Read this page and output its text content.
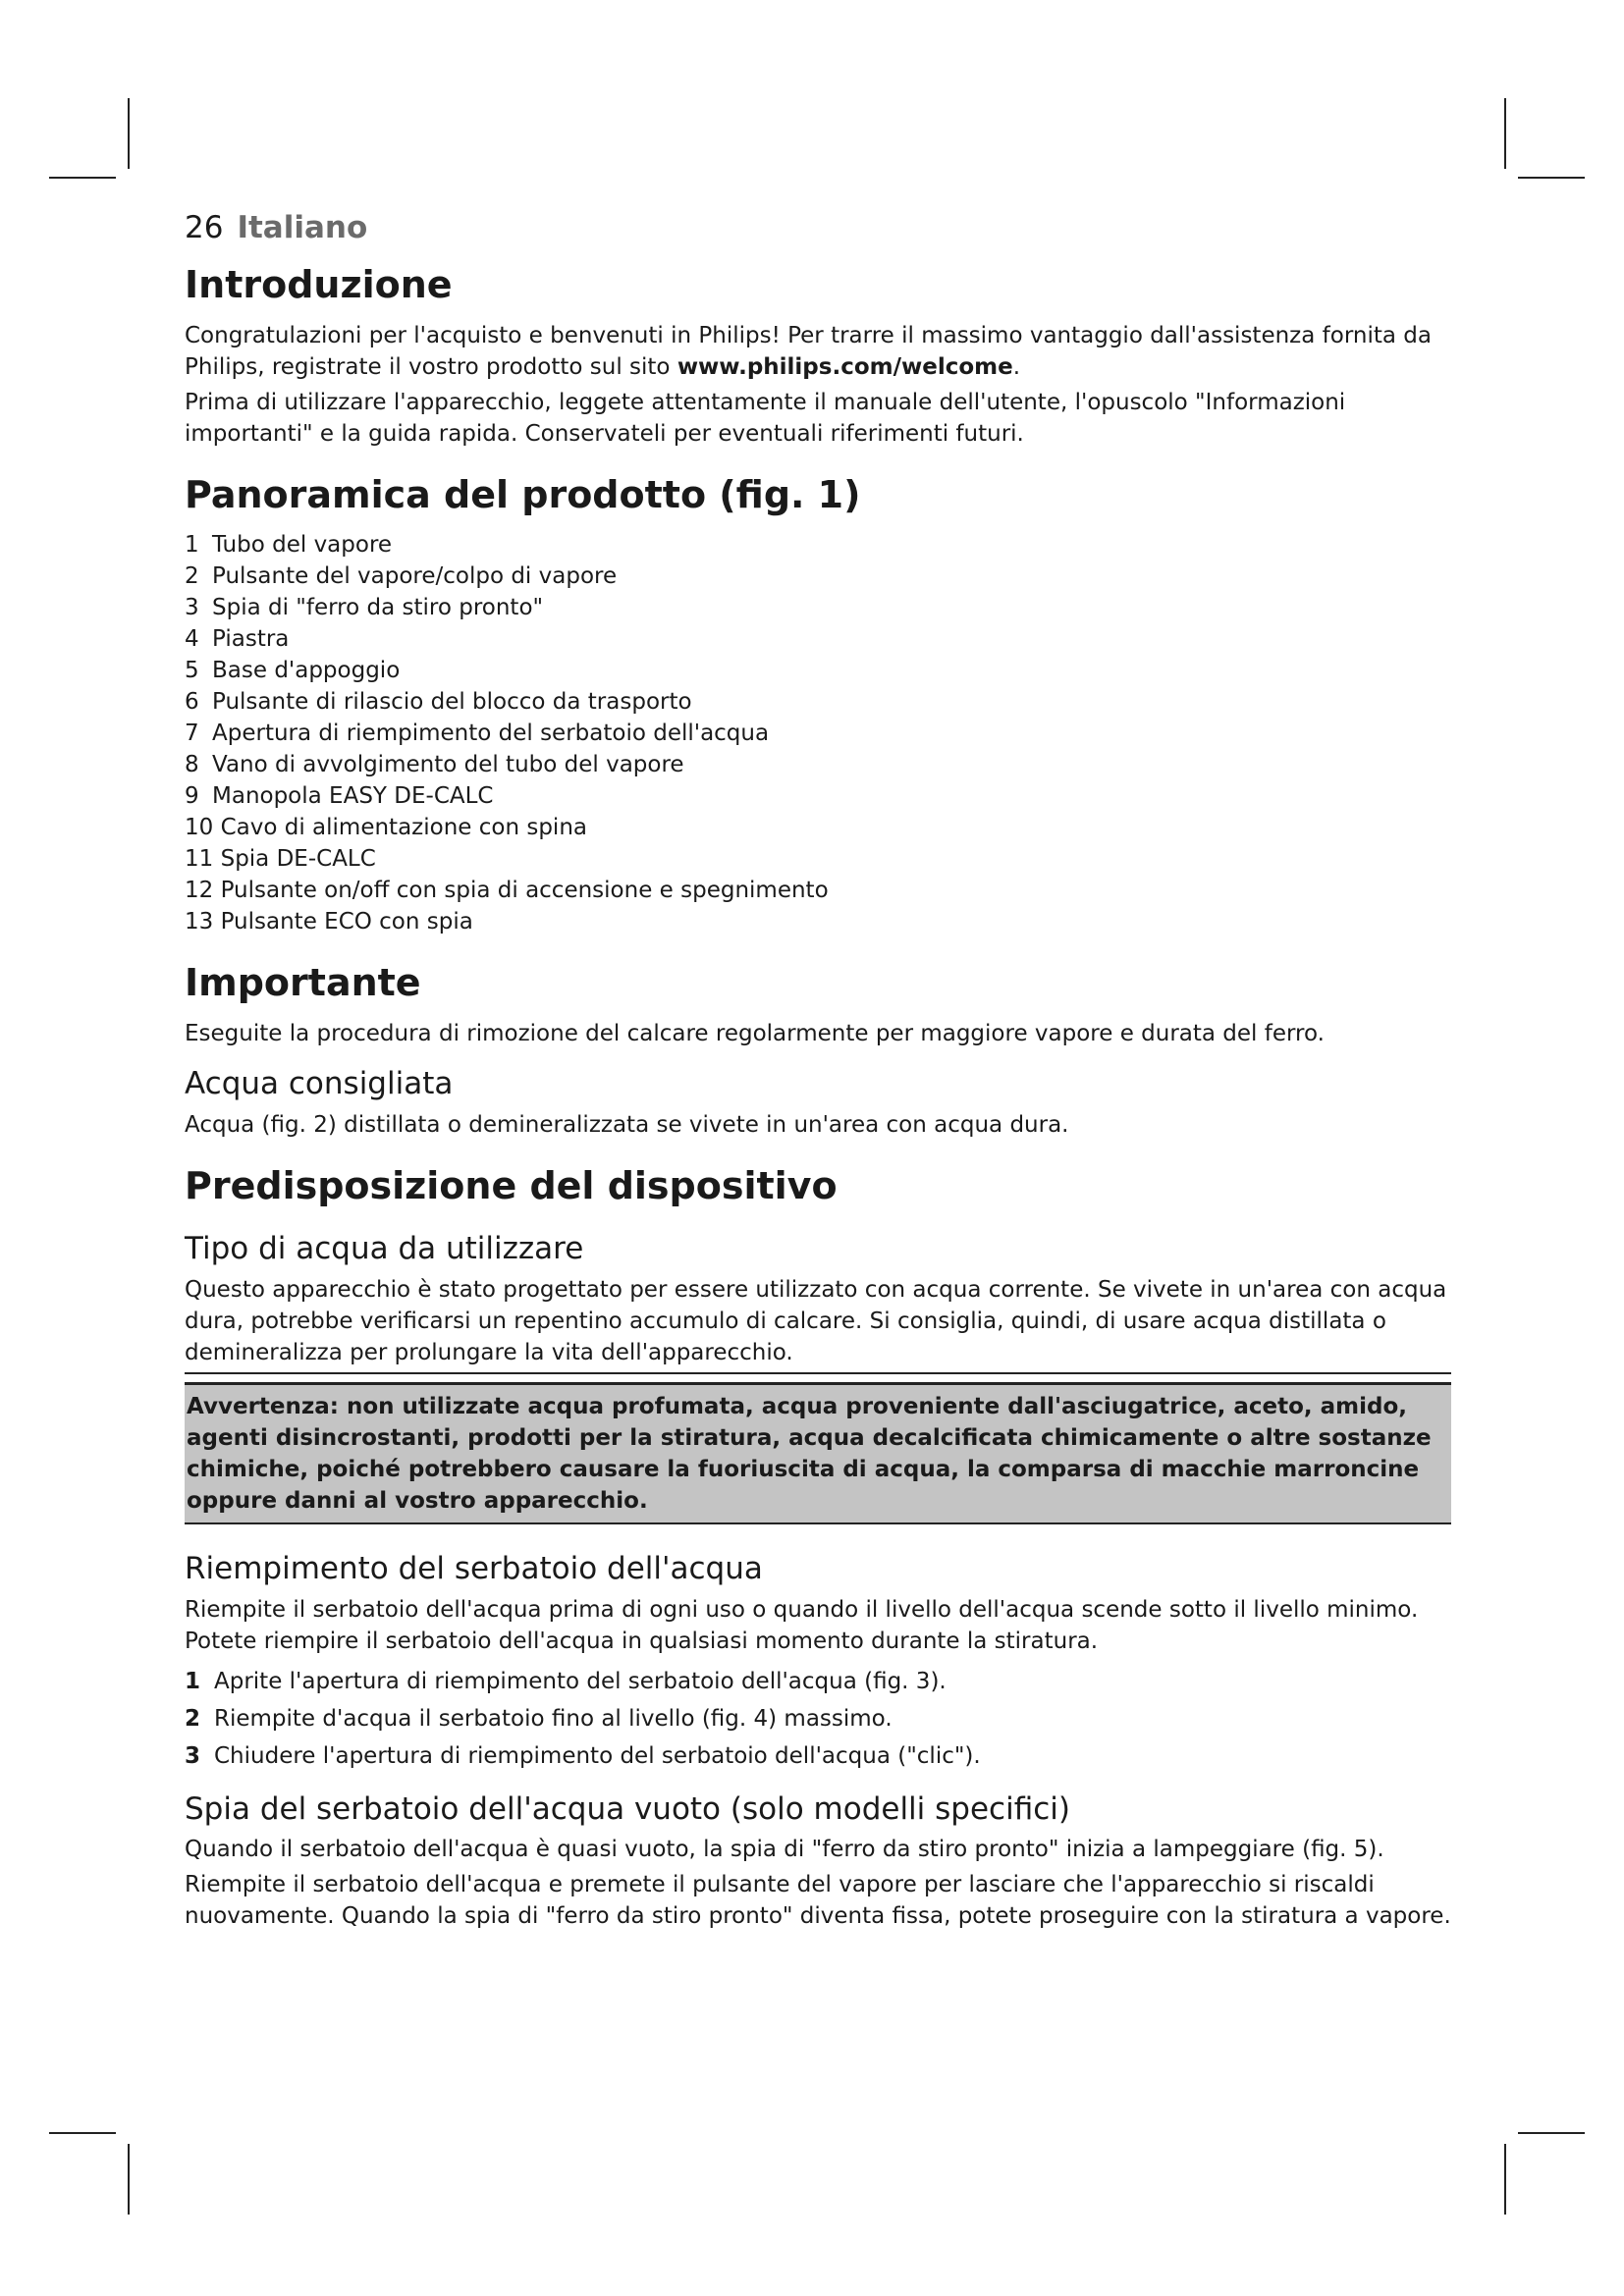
26 Italiano
Introduzione

Congratulazioni per l'acquisto e benvenuti in Philips! Per trarre il massimo vantaggio dall'assistenza fornita da Philips, registrate il vostro prodotto sul sito www.philips.com/welcome.

Prima di utilizzare l'apparecchio, leggete attentamente il manuale dell'utente, l'opuscolo "Informazioni importanti" e la guida rapida. Conservateli per eventuali riferimenti futuri.

Panoramica del prodotto (fig. 1)
1 Tubo del vapore
2 Pulsante del vapore/colpo di vapore
3 Spia di "ferro da stiro pronto"
4 Piastra
5 Base d'appoggio
6 Pulsante di rilascio del blocco da trasporto
7 Apertura di riempimento del serbatoio dell'acqua
8 Vano di avvolgimento del tubo del vapore
9 Manopola EASY DE-CALC
10 Cavo di alimentazione con spina
11 Spia DE-CALC
12 Pulsante on/off con spia di accensione e spegnimento
13 Pulsante ECO con spia
Importante

Eseguite la procedura di rimozione del calcare regolarmente per maggiore vapore e durata del ferro.

Acqua consigliata

Acqua (fig. 2) distillata o demineralizzata se vivete in un'area con acqua dura.

Predisposizione del dispositivo
Tipo di acqua da utilizzare

Questo apparecchio è stato progettato per essere utilizzato con acqua corrente. Se vivete in un'area con acqua dura, potrebbe verificarsi un repentino accumulo di calcare. Si consiglia, quindi, di usare acqua distillata o demineralizza per prolungare la vita dell'apparecchio.

Avvertenza: non utilizzate acqua profumata, acqua proveniente dall'asciugatrice, aceto, amido, agenti disincrostanti, prodotti per la stiratura, acqua decalcificata chimicamente o altre sostanze chimiche, poiché potrebbero causare la fuoriuscita di acqua, la comparsa di macchie marroncine oppure danni al vostro apparecchio.
Riempimento del serbatoio dell'acqua

Riempite il serbatoio dell'acqua prima di ogni uso o quando il livello dell'acqua scende sotto il livello minimo. Potete riempire il serbatoio dell'acqua in qualsiasi momento durante la stiratura.

1 Aprite l'apertura di riempimento del serbatoio dell'acqua (fig. 3).
2 Riempite d'acqua il serbatoio fino al livello (fig. 4) massimo.
3 Chiudere l'apertura di riempimento del serbatoio dell'acqua ("clic").
Spia del serbatoio dell'acqua vuoto (solo modelli specifici)

Quando il serbatoio dell'acqua è quasi vuoto, la spia di "ferro da stiro pronto" inizia a lampeggiare (fig. 5).

Riempite il serbatoio dell'acqua e premete il pulsante del vapore per lasciare che l'apparecchio si riscaldi nuovamente. Quando la spia di "ferro da stiro pronto" diventa fissa, potete proseguire con la stiratura a vapore.
